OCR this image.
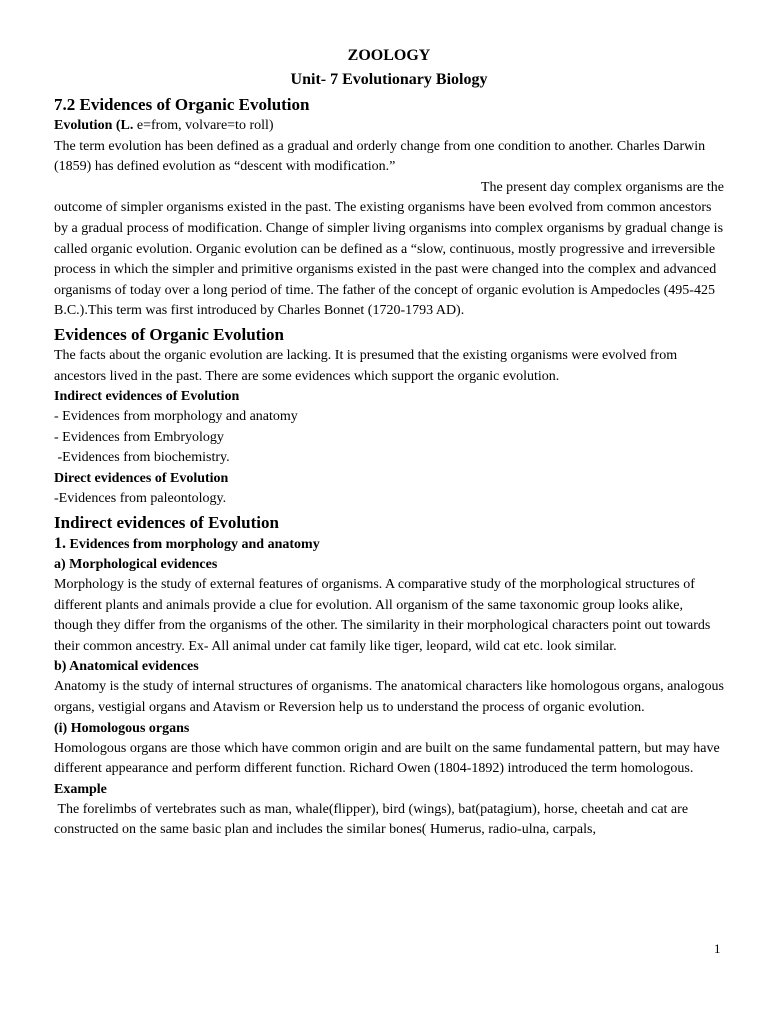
ZOOLOGY

Unit- 7 Evolutionary Biology

7.2 Evidences of Organic Evolution

Evolution (L. e=from, volvare=to roll)

The term evolution has been defined as a gradual and orderly change from one condition to another. Charles Darwin (1859) has defined evolution as “descent with modification.”

The present day complex organisms are the

outcome of simpler organisms existed in the past. The existing organisms have been evolved from common ancestors by a gradual process of modification. Change of simpler living organisms into complex organisms by gradual change is called organic evolution. Organic evolution can be defined as a “slow, continuous, mostly progressive and irreversible process in which the simpler and primitive organisms existed in the past were changed into the complex and advanced organisms of today over a long period of time. The father of the concept of organic evolution is Ampedocles (495-425 B.C.).This term was first introduced by Charles Bonnet (1720-1793 AD).

Evidences of Organic Evolution

The facts about the organic evolution are lacking. It is presumed that the existing organisms were evolved from ancestors lived in the past. There are some evidences which support the organic evolution.

Indirect evidences of Evolution

- Evidences from morphology and anatomy

- Evidences from Embryology

-Evidences from biochemistry.

Direct evidences of Evolution

-Evidences from paleontology.

Indirect evidences of Evolution

1. Evidences from morphology and anatomy

a) Morphological evidences

Morphology is the study of external features of organisms. A comparative study of the morphological structures of different plants and animals provide a clue for evolution. All organism of the same taxonomic group looks alike, though they differ from the organisms of the other. The similarity in their morphological characters point out towards their common ancestry. Ex- All animal under cat family like tiger, leopard, wild cat etc. look similar.

b) Anatomical evidences

Anatomy is the study of internal structures of organisms. The anatomical characters like homologous organs, analogous organs, vestigial organs and Atavism or Reversion help us to understand the process of organic evolution.

(i) Homologous organs

Homologous organs are those which have common origin and are built on the same fundamental pattern, but may have different appearance and perform different function. Richard Owen (1804-1892) introduced the term homologous.

Example

The forelimbs of vertebrates such as man, whale(flipper), bird (wings), bat(patagium), horse, cheetah and cat are constructed on the same basic plan and includes the similar bones( Humerus, radio-ulna, carpals,

1
